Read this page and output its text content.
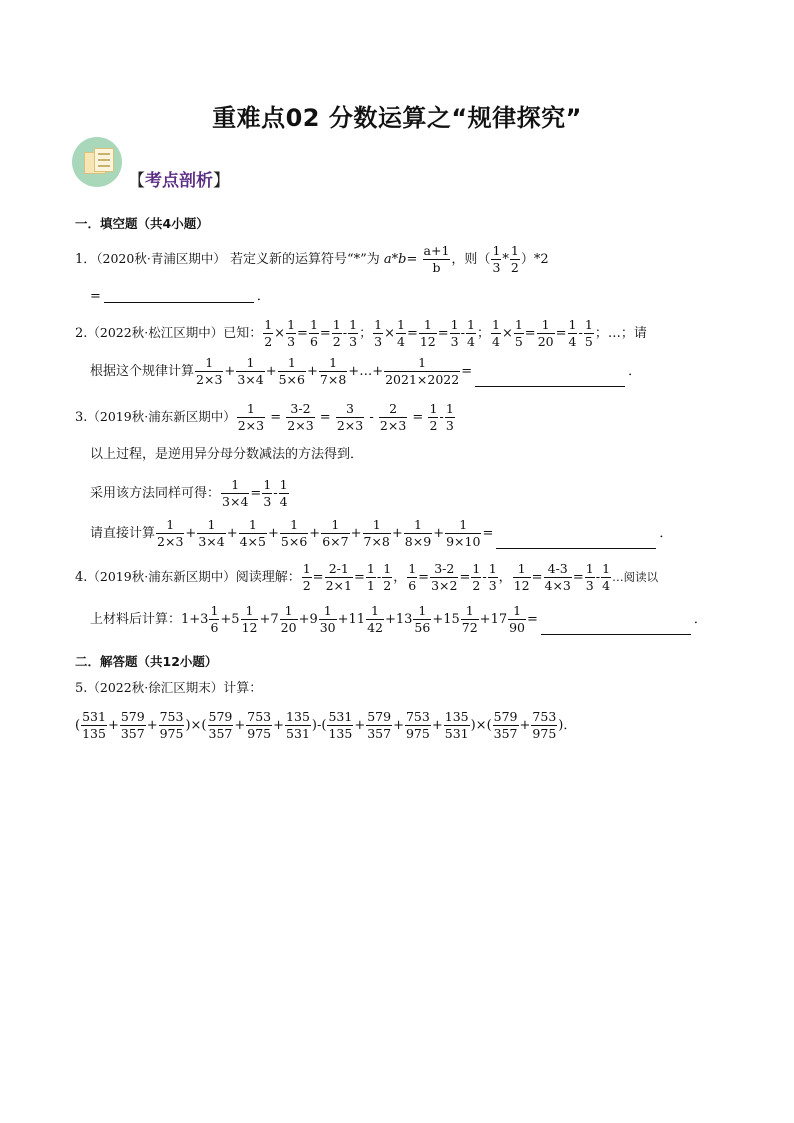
重难点02 分数运算之“规律探究”
【考点剖析】
一．填空题（共4小题）
1．（2020秋·青浦区期中） 若定义新的运算符号“*”为 $a*b= \frac{a+1}{b}$ ，则（ $\frac{1}{3} * \frac{1}{2} )*2$
=	．
2.（2022秋·松江区期中）已知： $\frac{1}{2} \times \frac{1}{3} = \frac{1}{6} = \frac{1}{2} - \frac{1}{3}$ ； $\frac{1}{3} \times \frac{1}{4} = \frac{1}{12} = \frac{1}{3} - \frac{1}{4}$ ； $\frac{1}{4} \times \frac{1}{5} = \frac{1}{20} = \frac{1}{4} - \frac{1}{5}$ ；…；请
根据这个规律计算 $\frac{1}{2\times 3} + \frac{1}{3\times 4} + \frac{1}{5\times 6} + \frac{1}{7\times 8}$ +…+ $\frac{1}{2021\times 2022}$ =	．
3.（2019秋·浦东新区期中） $\frac{1}{2\times 3} = \frac{3-2}{2\times 3} = \frac{3}{2\times 3} - \frac{2}{2\times 3} = \frac{1}{2} - \frac{1}{3}$
以上过程，是逆用异分母分数减法的方法得到．
采用该方法同样可得： $\frac{1}{3\times 4} = \frac{1}{3} - \frac{1}{4}$
请直接计算 $\frac{1}{2\times 3} + \frac{1}{3\times 4} + \frac{1}{4\times 5} + \frac{1}{5\times 6} + \frac{1}{6\times 7} + \frac{1}{7\times 8} + \frac{1}{8\times 9} + \frac{1}{9\times 10}$ =	．
4.（2019秋·浦东新区期中）阅读理解： $\frac{1}{2} = \frac{2-1}{2\times 1} = \frac{1}{1} - \frac{1}{2}$ ， $\frac{1}{6} = \frac{3-2}{3\times 2} = \frac{1}{2} - \frac{1}{3}$ ， $\frac{1}{12} = \frac{4-3}{4\times 3} = \frac{1}{3} - \frac{1}{4}$ …阅读以
上材料后计算：$1+3 \frac{1}{6} +5 \frac{1}{12} +7 \frac{1}{20} +9 \frac{1}{30} +11 \frac{1}{42} +13 \frac{1}{56} +15 \frac{1}{72} +17 \frac{1}{90}$ =	．
二．解答题（共12小题）
5.（2022秋·徐汇区期末）计算：
( $\frac{531}{135} + \frac{579}{357} + \frac{753}{975}$ )×( $\frac{579}{357} + \frac{753}{975} + \frac{135}{531}$ )-( $\frac{531}{135} + \frac{579}{357} + \frac{753}{975} + \frac{135}{531}$ )×( $\frac{579}{357} + \frac{753}{975}$ )．
